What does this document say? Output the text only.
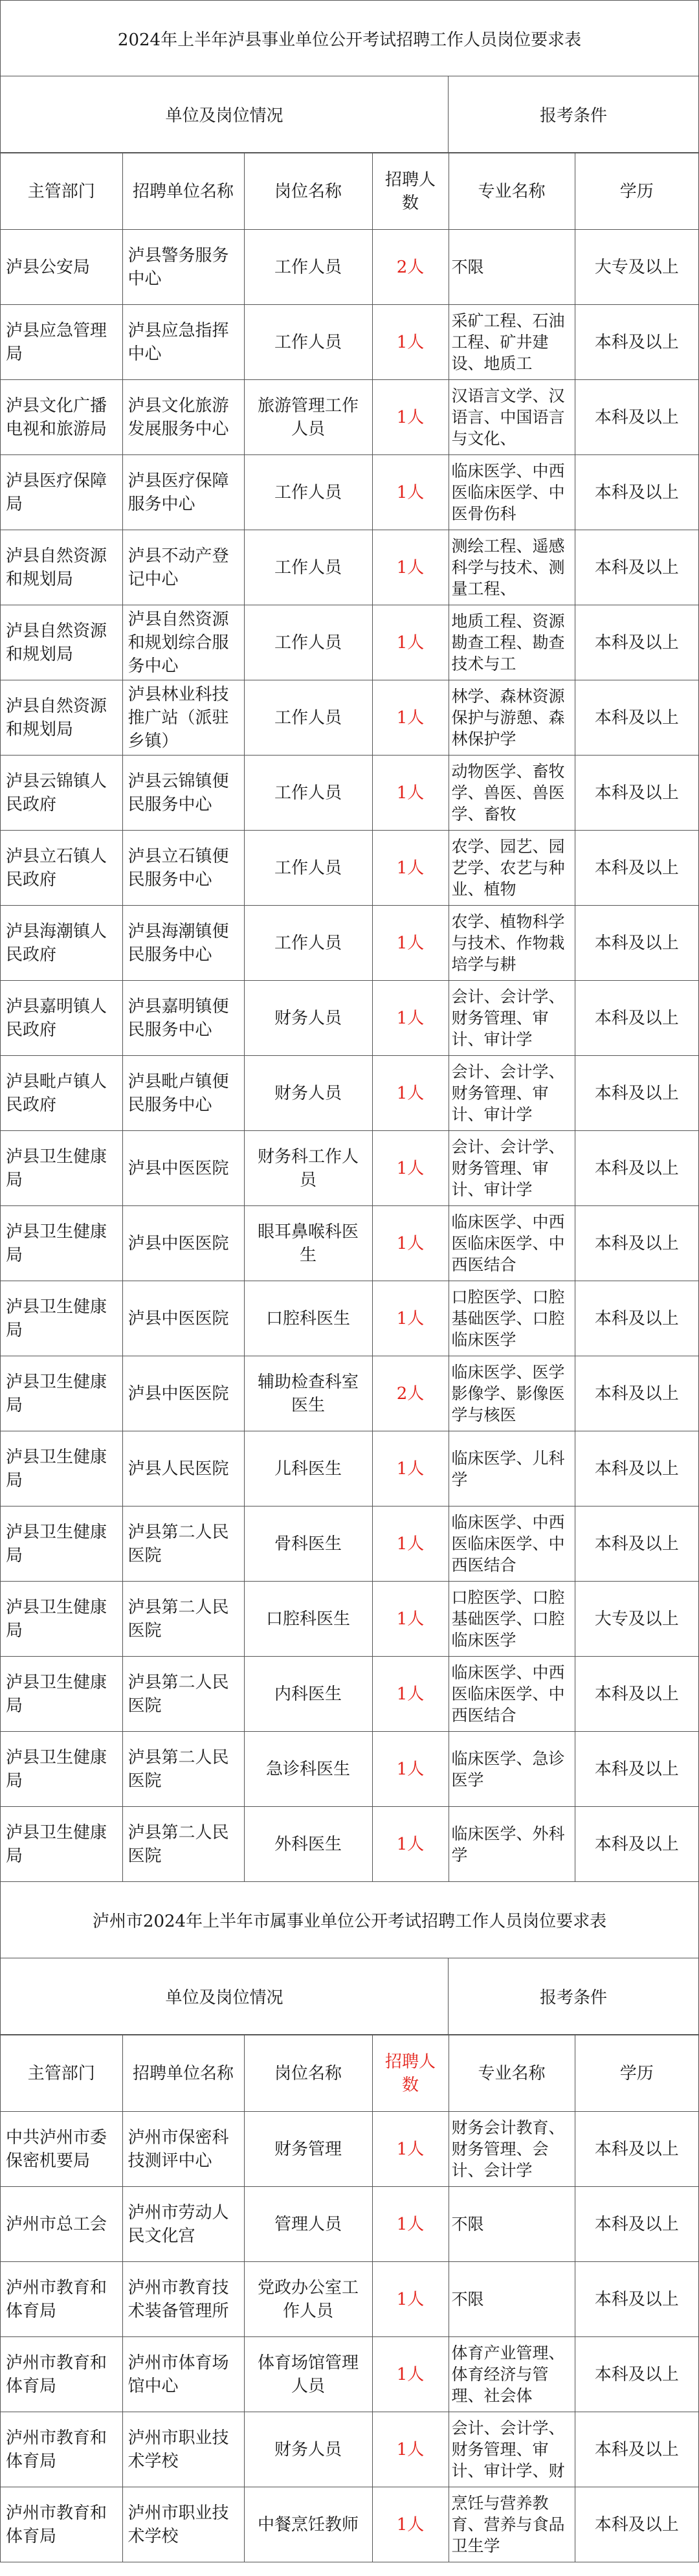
2024年上半年泸县事业单位公开考试招聘工作人员岗位要求表
单位及岗位情况	报考条件
主管部门	招聘单位名称	岗位名称	招聘人数	专业名称	学历
泸县公安局	泸县警务服务中心	工作人员	2人	不限	大专及以上
泸县应急管理局	泸县应急指挥中心	工作人员	1人	采矿工程、石油工程、矿井建设、地质工	本科及以上
泸县文化广播电视和旅游局	泸县文化旅游发展服务中心	旅游管理工作人员	1人	汉语言文学、汉语言、中国语言与文化、	本科及以上
泸县医疗保障局	泸县医疗保障服务中心	工作人员	1人	临床医学、中西医临床医学、中医骨伤科	本科及以上
泸县自然资源和规划局	泸县不动产登记中心	工作人员	1人	测绘工程、遥感科学与技术、测量工程、	本科及以上
泸县自然资源和规划局	泸县自然资源和规划综合服务中心	工作人员	1人	地质工程、资源勘查工程、勘查技术与工	本科及以上
泸县自然资源和规划局	泸县林业科技推广站（派驻乡镇）	工作人员	1人	林学、森林资源保护与游憩、森林保护学	本科及以上
泸县云锦镇人民政府	泸县云锦镇便民服务中心	工作人员	1人	动物医学、畜牧学、兽医、兽医学、畜牧	本科及以上
泸县立石镇人民政府	泸县立石镇便民服务中心	工作人员	1人	农学、园艺、园艺学、农艺与种业、植物	本科及以上
泸县海潮镇人民政府	泸县海潮镇便民服务中心	工作人员	1人	农学、植物科学与技术、作物栽培学与耕	本科及以上
泸县嘉明镇人民政府	泸县嘉明镇便民服务中心	财务人员	1人	会计、会计学、财务管理、审计、审计学	本科及以上
泸县毗卢镇人民政府	泸县毗卢镇便民服务中心	财务人员	1人	会计、会计学、财务管理、审计、审计学	本科及以上
泸县卫生健康局	泸县中医医院	财务科工作人员	1人	会计、会计学、财务管理、审计、审计学	本科及以上
泸县卫生健康局	泸县中医医院	眼耳鼻喉科医生	1人	临床医学、中西医临床医学、中西医结合	本科及以上
泸县卫生健康局	泸县中医医院	口腔科医生	1人	口腔医学、口腔基础医学、口腔临床医学	本科及以上
泸县卫生健康局	泸县中医医院	辅助检查科室医生	2人	临床医学、医学影像学、影像医学与核医	本科及以上
泸县卫生健康局	泸县人民医院	儿科医生	1人	临床医学、儿科学	本科及以上
泸县卫生健康局	泸县第二人民医院	骨科医生	1人	临床医学、中西医临床医学、中西医结合	本科及以上
泸县卫生健康局	泸县第二人民医院	口腔科医生	1人	口腔医学、口腔基础医学、口腔临床医学	大专及以上
泸县卫生健康局	泸县第二人民医院	内科医生	1人	临床医学、中西医临床医学、中西医结合	本科及以上
泸县卫生健康局	泸县第二人民医院	急诊科医生	1人	临床医学、急诊医学	本科及以上
泸县卫生健康局	泸县第二人民医院	外科医生	1人	临床医学、外科学	本科及以上
泸州市2024年上半年市属事业单位公开考试招聘工作人员岗位要求表
单位及岗位情况	报考条件
主管部门	招聘单位名称	岗位名称	招聘人数	专业名称	学历
中共泸州市委保密机要局	泸州市保密科技测评中心	财务管理	1人	财务会计教育、财务管理、会计、会计学	本科及以上
泸州市总工会	泸州市劳动人民文化宫	管理人员	1人	不限	本科及以上
泸州市教育和体育局	泸州市教育技术装备管理所	党政办公室工作人员	1人	不限	本科及以上
泸州市教育和体育局	泸州市体育场馆中心	体育场馆管理人员	1人	体育产业管理、体育经济与管理、社会体	本科及以上
泸州市教育和体育局	泸州市职业技术学校	财务人员	1人	会计、会计学、财务管理、审计、审计学、财	本科及以上
泸州市教育和体育局	泸州市职业技术学校	中餐烹饪教师	1人	烹饪与营养教育、营养与食品卫生学	本科及以上
